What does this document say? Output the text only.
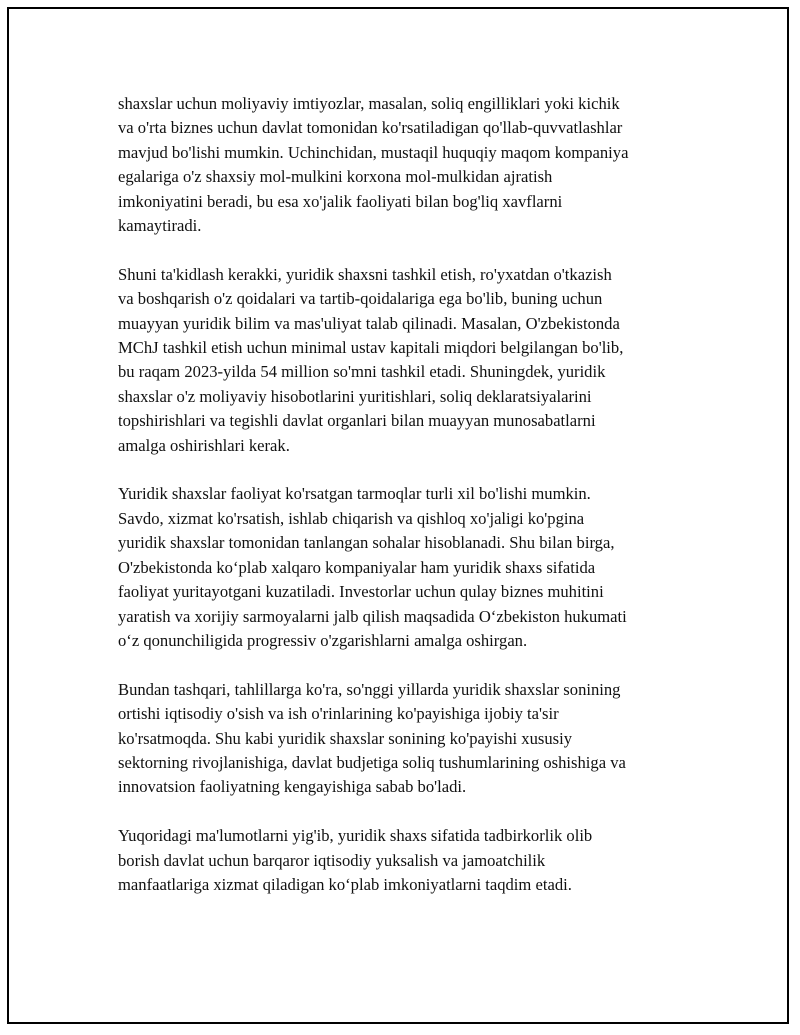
shaxslar uchun moliyaviy imtiyozlar, masalan, soliq engilliklari yoki kichik
va o'rta biznes uchun davlat tomonidan ko'rsatiladigan qo'llab-quvvatlashlar
mavjud bo'lishi mumkin. Uchinchidan, mustaqil huquqiy maqom kompaniya
egalariga o'z shaxsiy mol-mulkini korxona mol-mulkidan ajratish
imkoniyatini beradi, bu esa xo'jalik faoliyati bilan bog'liq xavflarni
kamaytiradi.

Shuni ta'kidlash kerakki, yuridik shaxsni tashkil etish, ro'yxatdan o'tkazish
va boshqarish o'z qoidalari va tartib-qoidalariga ega bo'lib, buning uchun
muayyan yuridik bilim va mas'uliyat talab qilinadi. Masalan, O'zbekistonda
MChJ tashkil etish uchun minimal ustav kapitali miqdori belgilangan bo'lib,
bu raqam 2023-yilda 54 million so'mni tashkil etadi. Shuningdek, yuridik
shaxslar o'z moliyaviy hisobotlarini yuritishlari, soliq deklaratsiyalarini
topshirishlari va tegishli davlat organlari bilan muayyan munosabatlarni
amalga oshirishlari kerak.

Yuridik shaxslar faoliyat ko'rsatgan tarmoqlar turli xil bo'lishi mumkin.
Savdo, xizmat ko'rsatish, ishlab chiqarish va qishloq xo'jaligi ko'pgina
yuridik shaxslar tomonidan tanlangan sohalar hisoblanadi. Shu bilan birga,
O'zbekistonda ko‘plab xalqaro kompaniyalar ham yuridik shaxs sifatida
faoliyat yuritayotgani kuzatiladi. Investorlar uchun qulay biznes muhitini
yaratish va xorijiy sarmoyalarni jalb qilish maqsadida O‘zbekiston hukumati
o‘z qonunchiligida progressiv o'zgarishlarni amalga oshirgan.

Bundan tashqari, tahlillarga ko'ra, so'nggi yillarda yuridik shaxslar sonining
ortishi iqtisodiy o'sish va ish o'rinlarining ko'payishiga ijobiy ta'sir
ko'rsatmoqda. Shu kabi yuridik shaxslar sonining ko'payishi xususiy
sektorning rivojlanishiga, davlat budjetiga soliq tushumlarining oshishiga va
innovatsion faoliyatning kengayishiga sabab bo'ladi.

Yuqoridagi ma'lumotlarni yig'ib, yuridik shaxs sifatida tadbirkorlik olib
borish davlat uchun barqaror iqtisodiy yuksalish va jamoatchilik
manfaatlariga xizmat qiladigan ko‘plab imkoniyatlarni taqdim etadi.
